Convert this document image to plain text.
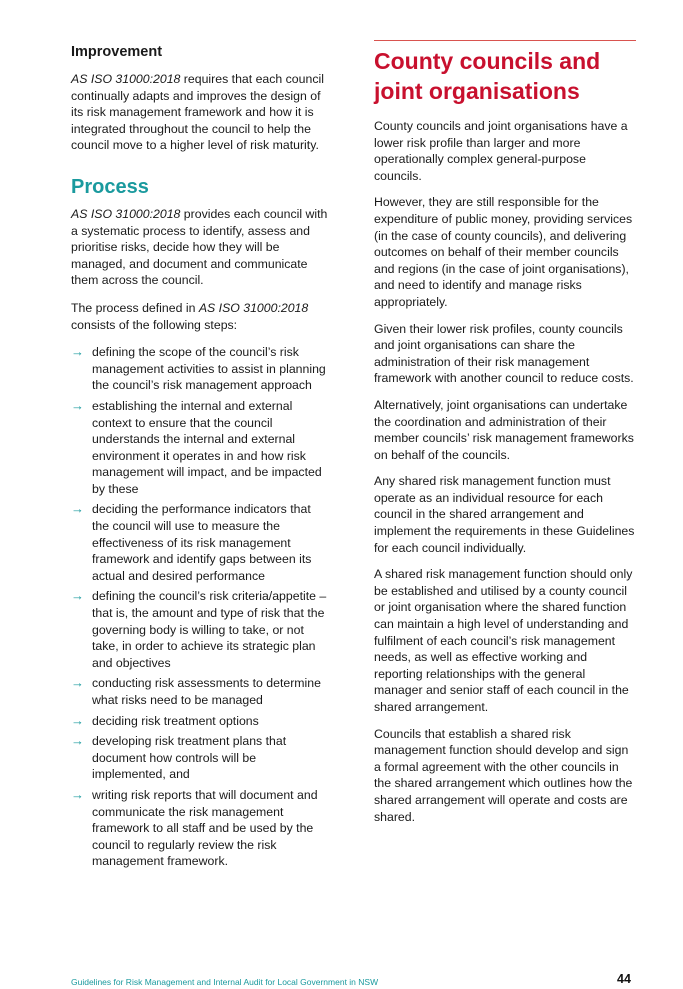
Improvement

AS ISO 31000:2018 requires that each council continually adapts and improves the design of its risk management framework and how it is integrated throughout the council to help the council move to a higher level of risk maturity.

Process

AS ISO 31000:2018 provides each council with a systematic process to identify, assess and prioritise risks, decide how they will be managed, and document and communicate them across the council.

The process defined in AS ISO 31000:2018 consists of the following steps:

→ defining the scope of the council’s risk management activities to assist in planning the council’s risk management approach
→ establishing the internal and external context to ensure that the council understands the internal and external environment it operates in and how risk management will impact, and be impacted by these
→ deciding the performance indicators that the council will use to measure the effectiveness of its risk management framework and identify gaps between its actual and desired performance
→ defining the council’s risk criteria/appetite – that is, the amount and type of risk that the governing body is willing to take, or not take, in order to achieve its strategic plan and objectives
→ conducting risk assessments to determine what risks need to be managed
→ deciding risk treatment options
→ developing risk treatment plans that document how controls will be implemented, and
→ writing risk reports that will document and communicate the risk management framework to all staff and be used by the council to regularly review the risk management framework.
County councils and joint organisations

County councils and joint organisations have a lower risk profile than larger and more operationally complex general-purpose councils.

However, they are still responsible for the expenditure of public money, providing services (in the case of county councils), and delivering outcomes on behalf of their member councils and regions (in the case of joint organisations), and need to identify and manage risks appropriately.

Given their lower risk profiles, county councils and joint organisations can share the administration of their risk management framework with another council to reduce costs.

Alternatively, joint organisations can undertake the coordination and administration of their member councils’ risk management frameworks on behalf of the councils.

Any shared risk management function must operate as an individual resource for each council in the shared arrangement and implement the requirements in these Guidelines for each council individually.

A shared risk management function should only be established and utilised by a county council or joint organisation where the shared function can maintain a high level of understanding and fulfilment of each council’s risk management needs, as well as effective working and reporting relationships with the general manager and senior staff of each council in the shared arrangement.

Councils that establish a shared risk management function should develop and sign a formal agreement with the other councils in the shared arrangement which outlines how the shared arrangement will operate and costs are shared.

Guidelines for Risk Management and Internal Audit for Local Government in NSW	44
